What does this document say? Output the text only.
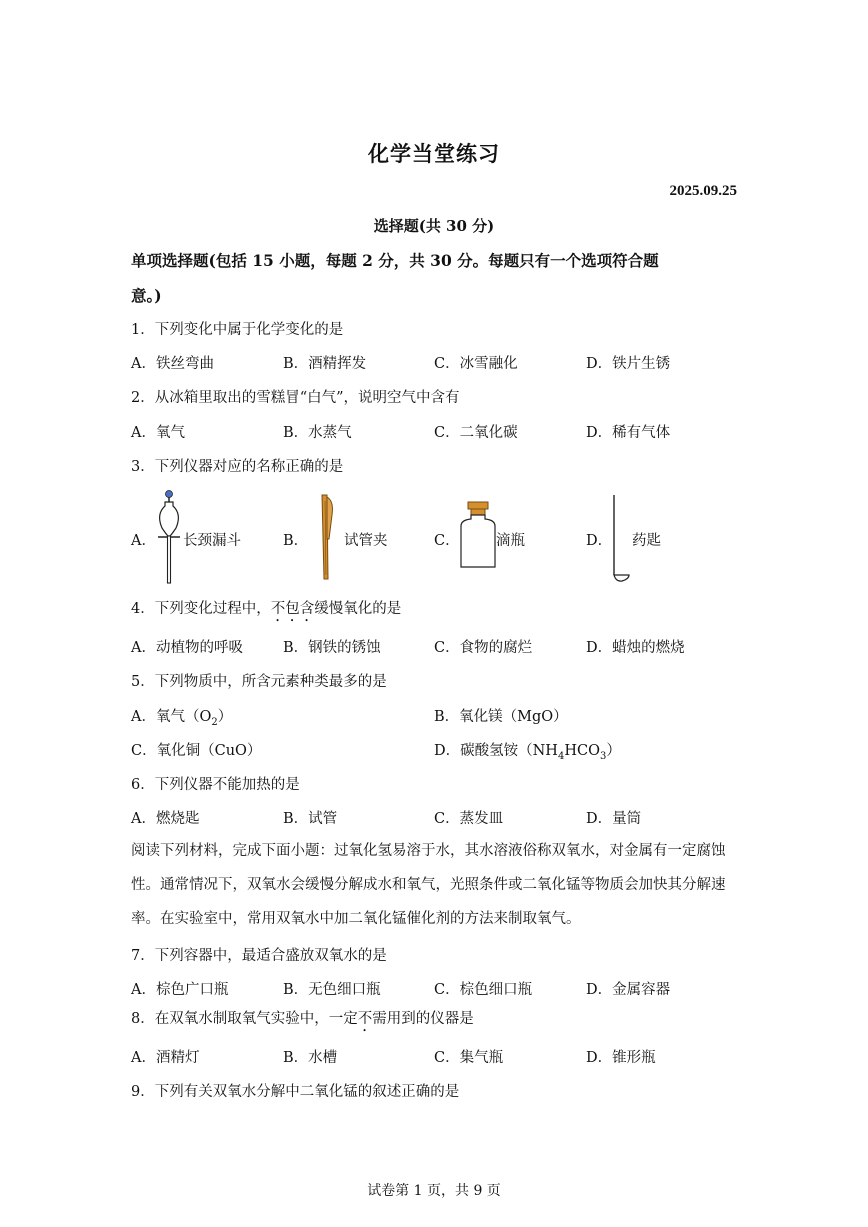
化学当堂练习
2025.09.25
选择题(共 30 分)
单项选择题(包括 15 小题，每题 2 分，共 30 分。每题只有一个选项符合题
意。)
1．下列变化中属于化学变化的是
A．铁丝弯曲	B．酒精挥发	C．冰雪融化	D．铁片生锈
2．从冰箱里取出的雪糕冒“白气”，说明空气中含有
A．氧气	B．水蒸气	C．二氧化碳	D．稀有气体
3．下列仪器对应的名称正确的是
A． 长颈漏斗	B． 试管夹	C．	滴瓶	D． 药匙
4．下列变化过程中，不包含缓慢氧化的是
A．动植物的呼吸	B．钢铁的锈蚀	C．食物的腐烂	D．蜡烛的燃烧
5．下列物质中，所含元素种类最多的是
A．氧气$(O_2)$	B．氧化镁（MgO）
C．氧化铜（CuO）	D．碳酸氢铵$(NH_4HCO_3)$
6．下列仪器不能加热的是
A．燃烧匙	B．试管	C．蒸发皿	D．量筒
阅读下列材料，完成下面小题：过氧化氢易溶于水，其水溶液俗称双氧水，对金属有一定腐蚀性。通常情况下，双氧水会缓慢分解成水和氧气，光照条件或二氧化锰等物质会加快其分解速率。在实验室中，常用双氧水中加二氧化锰催化剂的方法来制取氧气。
7．下列容器中，最适合盛放双氧水的是
A．棕色广口瓶	B．无色细口瓶	C．棕色细口瓶	D．金属容器
8．在双氧水制取氧气实验中，一定不需用到的仪器是
A．酒精灯	B．水槽	C．集气瓶	D．锥形瓶
9．下列有关双氧水分解中二氧化锰的叙述正确的是
试卷第 1 页，共 9 页
